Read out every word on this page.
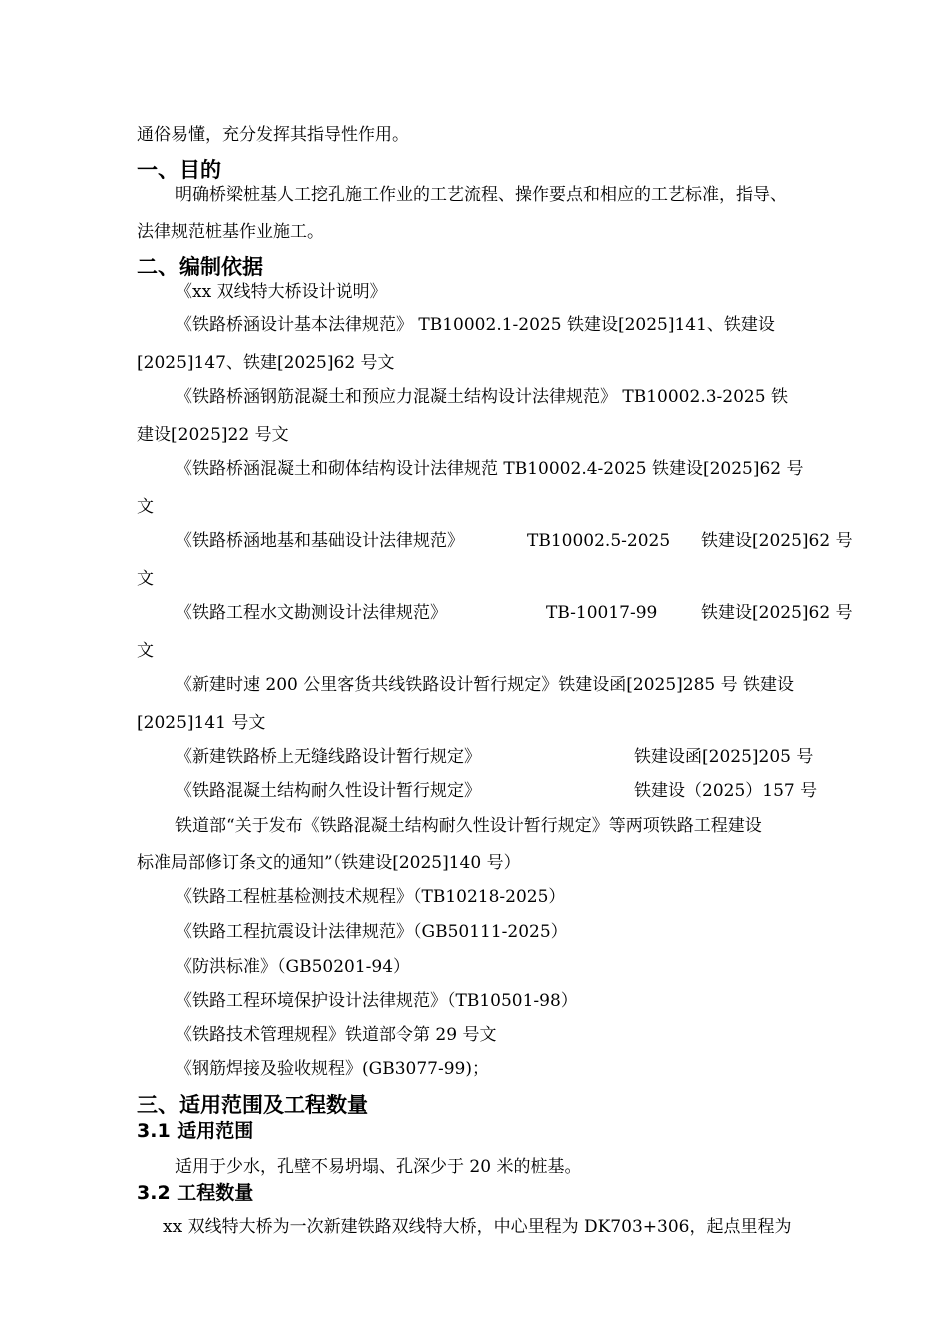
通俗易懂，充分发挥其指导性作用。
一、目的
明确桥梁桩基人工挖孔施工作业的工艺流程、操作要点和相应的工艺标准，指导、
法律规范桩基作业施工。
二、编制依据
《xx 双线特大桥设计说明》
《铁路桥涵设计基本法律规范》 TB10002.1-2025 铁建设[2025]141、铁建设
[2025]147、铁建[2025]62 号文
《铁路桥涵钢筋混凝土和预应力混凝土结构设计法律规范》 TB10002.3-2025 铁
建设[2025]22 号文
《铁路桥涵混凝土和砌体结构设计法律规范 TB10002.4-2025 铁建设[2025]62 号
文
《铁路桥涵地基和基础设计法律规范》	TB10002.5-2025 铁建设[2025]62 号
文
《铁路工程水文勘测设计法律规范》	TB-10017-99	铁建设[2025]62 号
文
《新建时速 200 公里客货共线铁路设计暂行规定》铁建设函[2025]285 号 铁建设
[2025]141 号文
《新建铁路桥上无缝线路设计暂行规定》	铁建设函[2025]205 号
《铁路混凝土结构耐久性设计暂行规定》	铁建设（2025）157 号
铁道部“关于发布《铁路混凝土结构耐久性设计暂行规定》等两项铁路工程建设
标准局部修订条文的通知”（铁建设[2025]140 号）
《铁路工程桩基检测技术规程》（TB10218-2025）
《铁路工程抗震设计法律规范》（GB50111-2025）
《防洪标准》（GB50201-94）
《铁路工程环境保护设计法律规范》（TB10501-98）
《铁路技术管理规程》铁道部令第 29 号文
《钢筋焊接及验收规程》(GB3077-99)；
三、适用范围及工程数量
3.1 适用范围
适用于少水，孔壁不易坍塌、孔深少于 20 米的桩基。
3.2 工程数量
xx 双线特大桥为一次新建铁路双线特大桥，中心里程为 DK703+306，起点里程为
